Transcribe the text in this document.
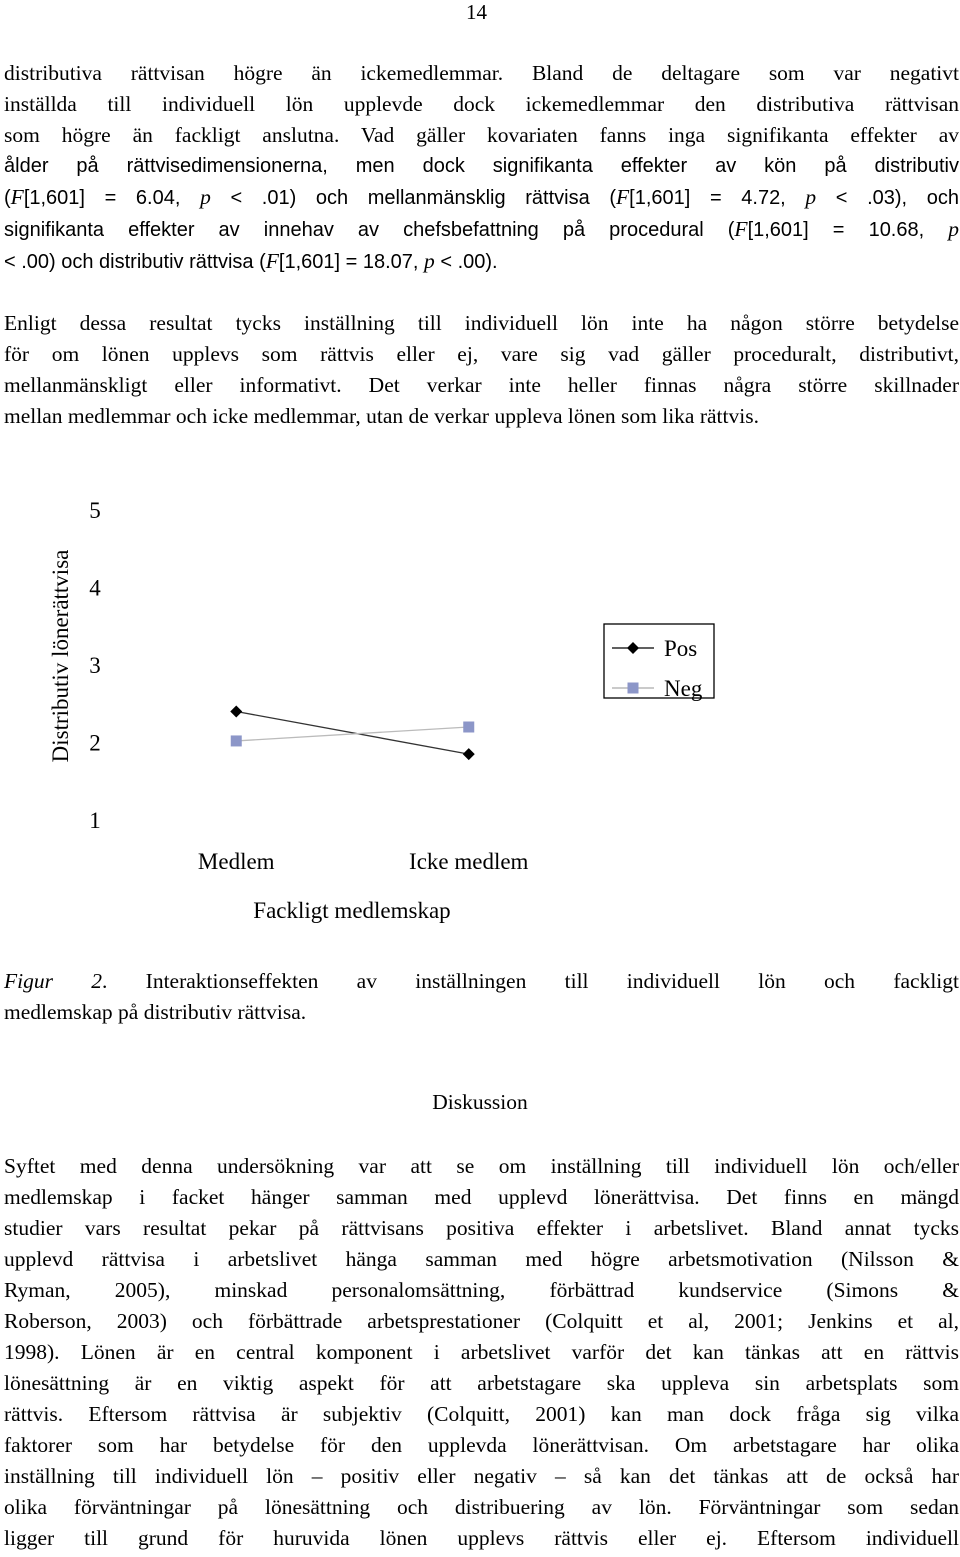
14
distributiva rättvisan högre än ickemedlemmar. Bland de deltagare som var negativt
inställda till individuell lön upplevde dock ickemedlemmar den distributiva rättvisan
som högre än fackligt anslutna. Vad gäller kovariaten fanns inga signifikanta effekter av
ålder på rättvisedimensionerna, men dock signifikanta effekter av kön på distributiv
(F[1,601] = 6.04, p < .01) och mellanmänsklig rättvisa (F[1,601] = 4.72, p < .03), och
signifikanta effekter av innehav av chefsbefattning på procedural (F[1,601] = 10.68, p
< .00) och distributiv rättvisa (F[1,601] = 18.07, p < .00).
Enligt dessa resultat tycks inställning till individuell lön inte ha någon större betydelse
för om lönen upplevs som rättvis eller ej, vare sig vad gäller proceduralt, distributivt,
mellanmänskligt eller informativt. Det verkar inte heller finnas några större skillnader
mellan medlemmar och icke medlemmar, utan de verkar uppleva lönen som lika rättvis.
1
2
3
4
5
Medlem	Icke medlem
Fackligt medlemskap
Distributiv lönerättvisa	Pos
Neg
Figur 2. Interaktionseffekten av inställningen till individuell lön och fackligt
medlemskap på distributiv rättvisa.
Diskussion
Syftet med denna undersökning var att se om inställning till individuell lön och/eller
medlemskap i facket hänger samman med upplevd lönerättvisa. Det finns en mängd
studier vars resultat pekar på rättvisans positiva effekter i arbetslivet. Bland annat tycks
upplevd rättvisa i arbetslivet hänga samman med högre arbetsmotivation (Nilsson &
Ryman, 2005), minskad personalomsättning, förbättrad kundservice (Simons &
Roberson, 2003) och förbättrade arbetsprestationer (Colquitt et al, 2001; Jenkins et al,
1998). Lönen är en central komponent i arbetslivet varför det kan tänkas att en rättvis
lönesättning är en viktig aspekt för att arbetstagare ska uppleva sin arbetsplats som
rättvis. Eftersom rättvisa är subjektiv (Colquitt, 2001) kan man dock fråga sig vilka
faktorer som har betydelse för den upplevda lönerättvisan. Om arbetstagare har olika
inställning till individuell lön – positiv eller negativ – så kan det tänkas att de också har
olika förväntningar på lönesättning och distribuering av lön. Förväntningar som sedan
ligger till grund för huruvida lönen upplevs rättvis eller ej. Eftersom individuell
